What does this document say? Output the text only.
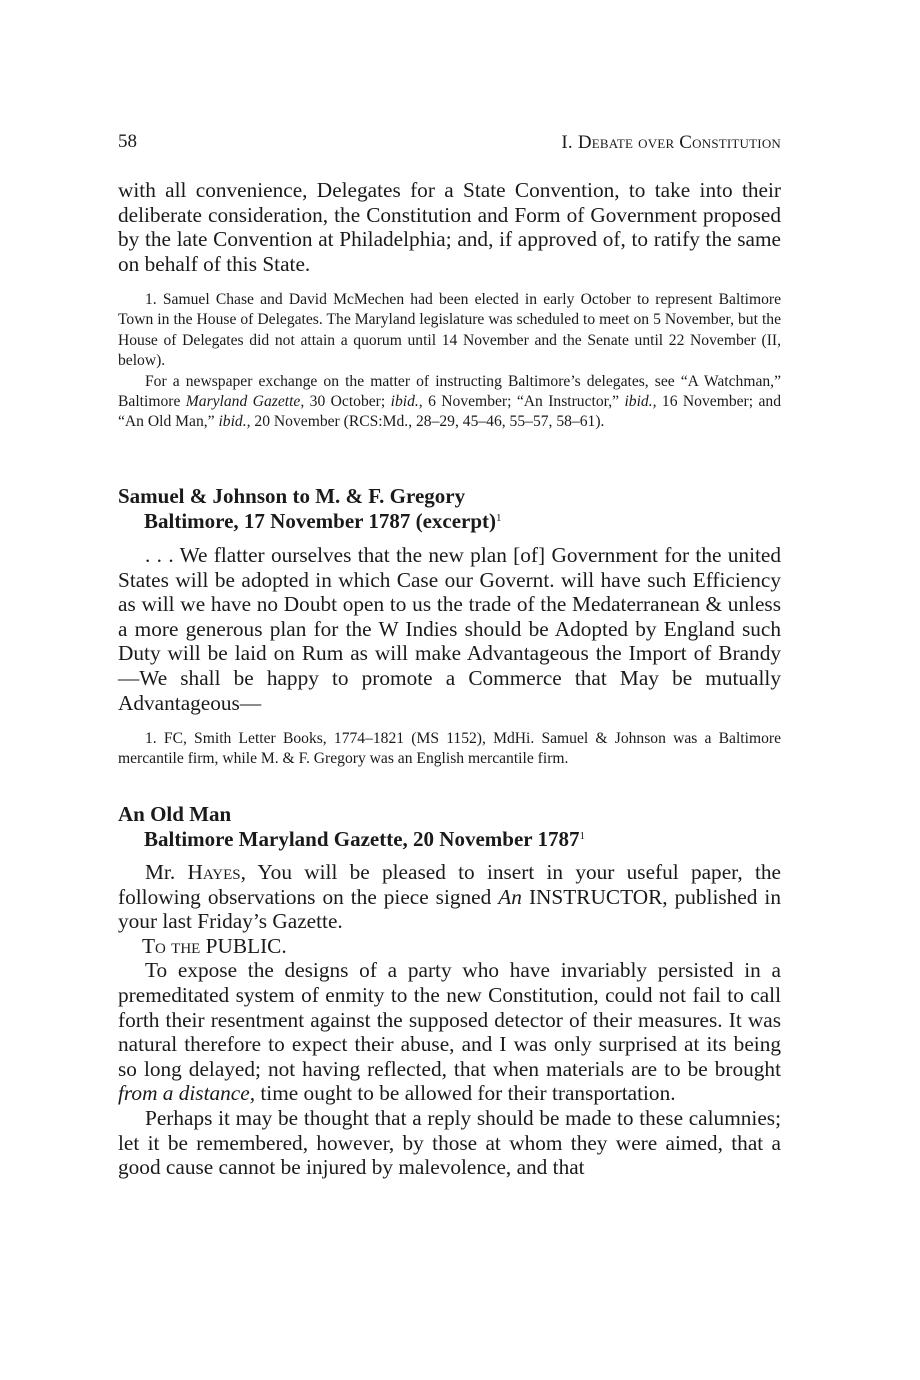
58	I. Debate over Constitution

with all convenience, Delegates for a State Convention, to take into their deliberate consideration, the Constitution and Form of Government proposed by the late Convention at Philadelphia; and, if approved of, to ratify the same on behalf of this State.

1. Samuel Chase and David McMechen had been elected in early October to represent Baltimore Town in the House of Delegates. The Maryland legislature was scheduled to meet on 5 November, but the House of Delegates did not attain a quorum until 14 November and the Senate until 22 November (II, below).

For a newspaper exchange on the matter of instructing Baltimore’s delegates, see “A Watchman,” Baltimore Maryland Gazette, 30 October; ibid., 6 November; “An Instructor,” ibid., 16 November; and “An Old Man,” ibid., 20 November (RCS:Md., 28–29, 45–46, 55–57, 58–61).

Samuel & Johnson to M. & F. Gregory
Baltimore, 17 November 1787 (excerpt)$^1$

. . . We flatter ourselves that the new plan [of] Government for the united States will be adopted in which Case our Governt. will have such Efficiency as will we have no Doubt open to us the trade of the Medaterranean & unless a more generous plan for the W Indies should be Adopted by England such Duty will be laid on Rum as will make Advantageous the Import of Brandy—We shall be happy to promote a Commerce that May be mutually Advantageous—

1. FC, Smith Letter Books, 1774–1821 (MS 1152), MdHi. Samuel & Johnson was a Baltimore mercantile firm, while M. & F. Gregory was an English mercantile firm.

An Old Man
Baltimore Maryland Gazette, 20 November 1787$^1$

Mr. Hayes, You will be pleased to insert in your useful paper, the following observations on the piece signed An INSTRUCTOR, published in your last Friday’s Gazette.

To the PUBLIC.

To expose the designs of a party who have invariably persisted in a premeditated system of enmity to the new Constitution, could not fail to call forth their resentment against the supposed detector of their measures. It was natural therefore to expect their abuse, and I was only surprised at its being so long delayed; not having reflected, that when materials are to be brought from a distance, time ought to be allowed for their transportation.

Perhaps it may be thought that a reply should be made to these calumnies; let it be remembered, however, by those at whom they were aimed, that a good cause cannot be injured by malevolence, and that
